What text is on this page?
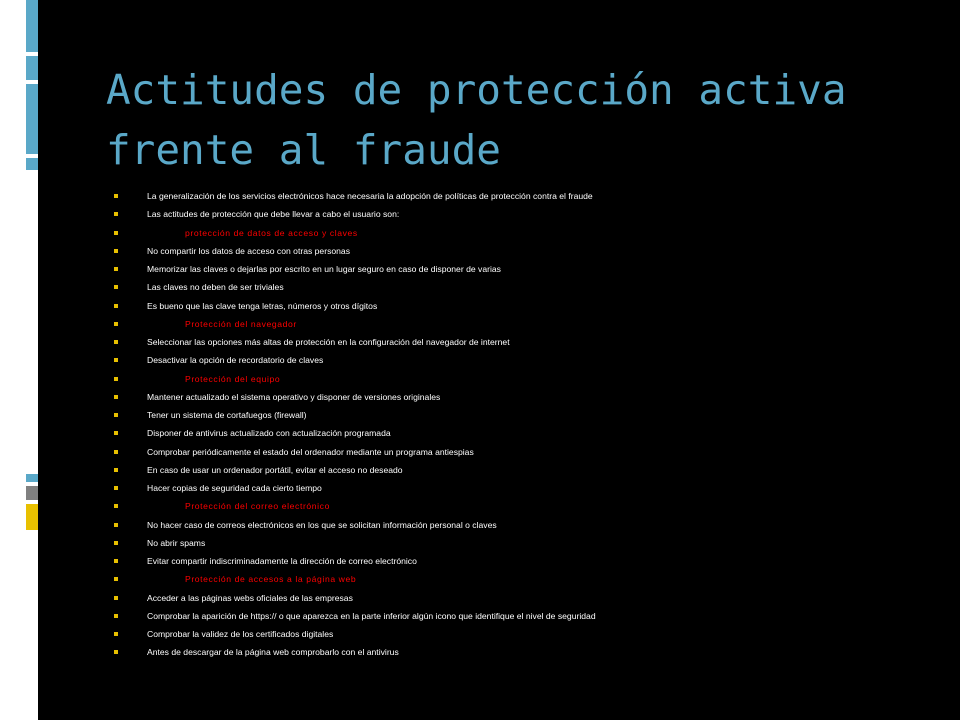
Actitudes de protección activa frente al fraude
La generalización de los servicios electrónicos hace necesaria la adopción de políticas de protección contra el fraude
Las actitudes de protección que debe llevar a cabo el usuario son:
protección de datos de acceso y claves
No compartir los datos de acceso con otras personas
Memorizar las claves o dejarlas por escrito en un lugar seguro en caso de disponer de varias
Las claves no deben de ser triviales
Es bueno que las clave tenga letras, números y otros dígitos
Protección del navegador
Seleccionar las opciones más altas de protección en la configuración del navegador de internet
Desactivar la opción de recordatorio de claves
Protección del equipo
Mantener actualizado el sistema operativo y disponer de versiones originales
Tener un sistema de cortafuegos (firewall)
Disponer de antivirus actualizado con actualización programada
Comprobar periódicamente el estado del ordenador mediante un programa antiespias
En caso de usar un ordenador portátil, evitar el acceso no deseado
Hacer copias de seguridad cada cierto tiempo
Protección del correo electrónico
No hacer caso de correos electrónicos en los que se solicitan información personal o claves
No abrir spams
Evitar compartir indiscriminadamente la dirección de correo electrónico
Protección de accesos a la página web
Acceder a las páginas webs oficiales de las empresas
Comprobar la aparición de https:// o que aparezca en la parte inferior algún icono que identifique el nivel de seguridad
Comprobar la validez de los certificados digitales
Antes de descargar de la página web comprobarlo con el antivirus
